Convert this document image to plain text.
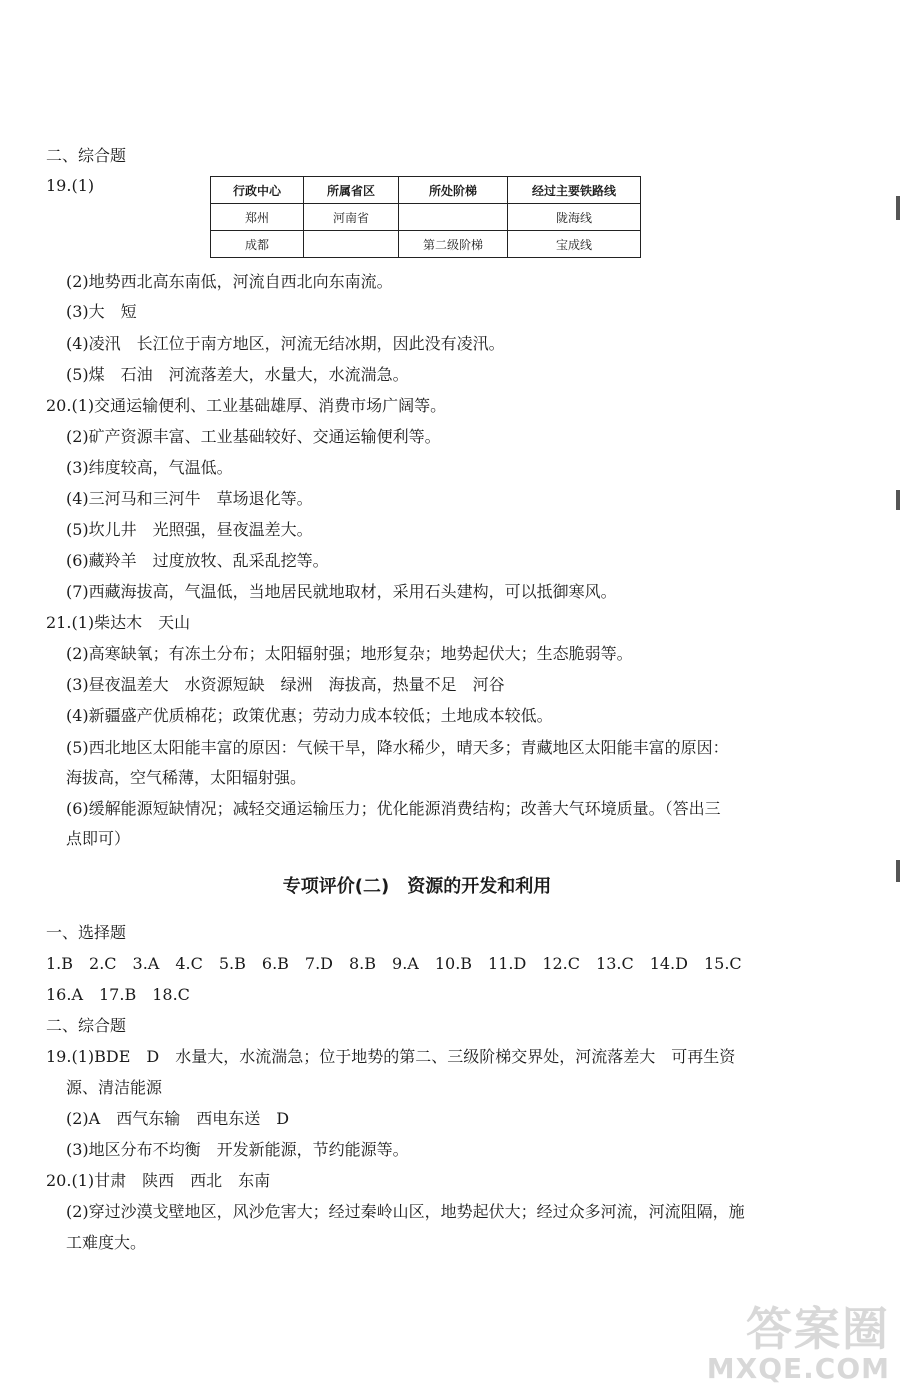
二、综合题
19.(1)	行政中心	所属省区	所处阶梯	经过主要铁路线
郑州	河南省		陇海线
成都		第二级阶梯	宝成线
(2)地势西北高东南低，河流自西北向东南流。
(3)大　短
(4)凌汛　长江位于南方地区，河流无结冰期，因此没有凌汛。
(5)煤　石油　河流落差大，水量大，水流湍急。
20.(1)交通运输便利、工业基础雄厚、消费市场广阔等。
(2)矿产资源丰富、工业基础较好、交通运输便利等。
(3)纬度较高，气温低。
(4)三河马和三河牛　草场退化等。
(5)坎儿井　光照强，昼夜温差大。
(6)藏羚羊　过度放牧、乱采乱挖等。
(7)西藏海拔高，气温低，当地居民就地取材，采用石头建构，可以抵御寒风。
21.(1)柴达木　天山
(2)高寒缺氧；有冻土分布；太阳辐射强；地形复杂；地势起伏大；生态脆弱等。
(3)昼夜温差大　水资源短缺　绿洲　海拔高，热量不足　河谷
(4)新疆盛产优质棉花；政策优惠；劳动力成本较低；土地成本较低。
(5)西北地区太阳能丰富的原因：气候干旱，降水稀少，晴天多；青藏地区太阳能丰富的原因：
海拔高，空气稀薄，太阳辐射强。
(6)缓解能源短缺情况；减轻交通运输压力；优化能源消费结构；改善大气环境质量。（答出三
点即可）
专项评价(二)　资源的开发和利用
一、选择题
1.B　2.C　3.A　4.C　5.B　6.B　7.D　8.B　9.A　10.B　11.D　12.C　13.C　14.D　15.C
16.A　17.B　18.C
二、综合题
19.(1)BDE　D　水量大，水流湍急；位于地势的第二、三级阶梯交界处，河流落差大　可再生资
源、清洁能源
(2)A　西气东输　西电东送　D
(3)地区分布不均衡　开发新能源，节约能源等。
20.(1)甘肃　陕西　西北　东南
(2)穿过沙漠戈壁地区，风沙危害大；经过秦岭山区，地势起伏大；经过众多河流，河流阻隔，施
工难度大。
答案圈
MXQE.COM
